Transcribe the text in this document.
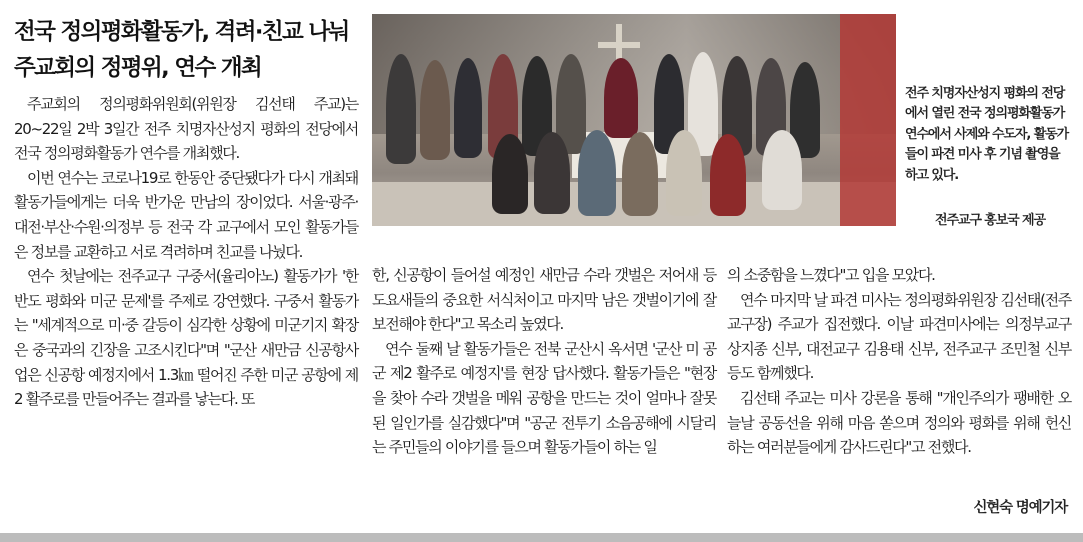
전국 정의평화활동가, 격려·친교 나눠
주교회의 정평위, 연수 개최

주교회의 정의평화위원회(위원장 김선태 주교)는 20~22일 2박 3일간 전주 치명자산성지 평화의 전당에서 전국 정의평화활동가 연수를 개최했다.

이번 연수는 코로나19로 한동안 중단됐다가 다시 개최돼 활동가들에게는 더욱 반가운 만남의 장이었다. 서울·광주·대전·부산·수원·의정부 등 전국 각 교구에서 모인 활동가들은 정보를 교환하고 서로 격려하며 친교를 나눴다.

연수 첫날에는 전주교구 구중서(율리아노) 활동가가 '한반도 평화와 미군 문제'를 주제로 강연했다. 구중서 활동가는 "세계적으로 미·중 갈등이 심각한 상황에 미군기지 확장은 중국과의 긴장을 고조시킨다"며 "군산 새만금 신공항사업은 신공항 예정지에서 1.3㎞ 떨어진 주한 미군 공항에 제2 활주로를 만들어주는 결과를 낳는다. 또

전주 치명자산성지 평화의 전당에서 열린 전국 정의평화활동가 연수에서 사제와 수도자, 활동가들이 파견 미사 후 기념 촬영을 하고 있다.
전주교구 홍보국 제공

한, 신공항이 들어설 예정인 새만금 수라 갯벌은 저어새 등 도요새들의 중요한 서식처이고 마지막 남은 갯벌이기에 잘 보전해야 한다"고 목소리 높였다.

연수 둘째 날 활동가들은 전북 군산시 옥서면 '군산 미 공군 제2 활주로 예정지'를 현장 답사했다. 활동가들은 "현장을 찾아 수라 갯벌을 메워 공항을 만드는 것이 얼마나 잘못된 일인가를 실감했다"며 "공군 전투기 소음공해에 시달리는 주민들의 이야기를 들으며 활동가들이 하는 일

의 소중함을 느꼈다"고 입을 모았다.

연수 마지막 날 파견 미사는 정의평화위원장 김선태(전주교구장) 주교가 집전했다. 이날 파견미사에는 의정부교구 상지종 신부, 대전교구 김용태 신부, 전주교구 조민철 신부 등도 함께했다.

김선태 주교는 미사 강론을 통해 "개인주의가 팽배한 오늘날 공동선을 위해 마음 쏟으며 정의와 평화를 위해 헌신하는 여러분들에게 감사드린다"고 전했다.

신현숙 명예기자
